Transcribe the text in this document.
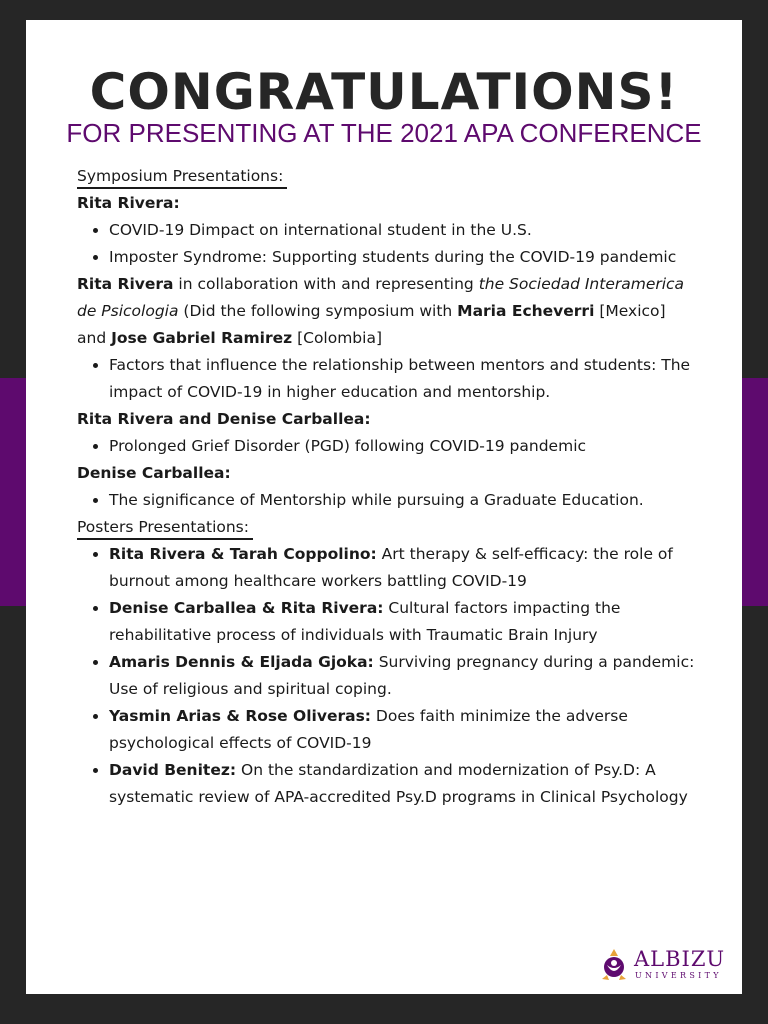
CONGRATULATIONS!
FOR PRESENTING AT THE 2021 APA CONFERENCE
Symposium Presentations:
Rita Rivera:
• COVID-19 Dimpact on international student in the U.S.
• Imposter Syndrome: Supporting students during the COVID-19 pandemic
Rita Rivera in collaboration with and representing the Sociedad Interamerica de Psicologia (Did the following symposium with Maria Echeverri [Mexico] and Jose Gabriel Ramirez [Colombia]
• Factors that influence the relationship between mentors and students: The impact of COVID-19 in higher education and mentorship.
Rita Rivera and Denise Carballea:
• Prolonged Grief Disorder (PGD) following COVID-19 pandemic
Denise Carballea:
• The significance of Mentorship while pursuing a Graduate Education.
Posters Presentations:
• Rita Rivera & Tarah Coppolino: Art therapy & self-efficacy: the role of burnout among healthcare workers battling COVID-19
• Denise Carballea & Rita Rivera: Cultural factors impacting the rehabilitative process of individuals with Traumatic Brain Injury
• Amaris Dennis & Eljada Gjoka: Surviving pregnancy during a pandemic: Use of religious and spiritual coping.
• Yasmin Arias & Rose Oliveras: Does faith minimize the adverse psychological effects of COVID-19
• David Benitez: On the standardization and modernization of Psy.D: A systematic review of APA-accredited Psy.D programs in Clinical Psychology
ALBIZU
UNIVERSITY
